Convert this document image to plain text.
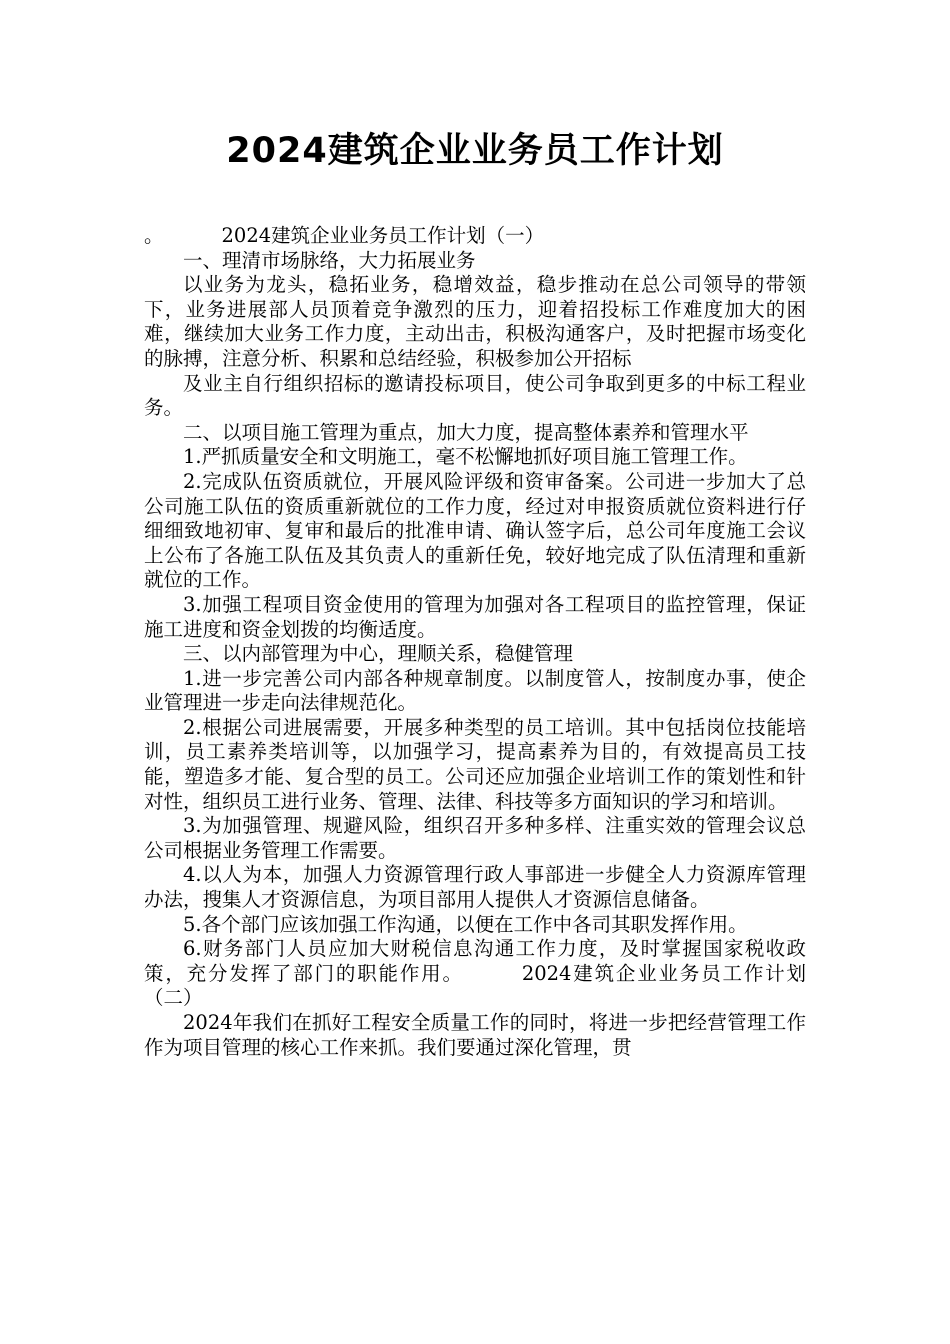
2024建筑企业业务员工作计划

。	2024建筑企业业务员工作计划（一）

一、理清市场脉络，大力拓展业务

以业务为龙头，稳拓业务，稳增效益，稳步推动在总公司领导的带领下，业务进展部人员顶着竞争激烈的压力，迎着招投标工作难度加大的困难，继续加大业务工作力度，主动出击，积极沟通客户，及时把握市场变化的脉搏，注意分析、积累和总结经验，积极参加公开招标

及业主自行组织招标的邀请投标项目，使公司争取到更多的中标工程业务。

二、以项目施工管理为重点，加大力度，提高整体素养和管理水平

1.严抓质量安全和文明施工，毫不松懈地抓好项目施工管理工作。

2.完成队伍资质就位，开展风险评级和资审备案。公司进一步加大了总公司施工队伍的资质重新就位的工作力度，经过对申报资质就位资料进行仔细细致地初审、复审和最后的批准申请、确认签字后，总公司年度施工会议上公布了各施工队伍及其负责人的重新任免，较好地完成了队伍清理和重新就位的工作。

3.加强工程项目资金使用的管理为加强对各工程项目的监控管理，保证施工进度和资金划拨的均衡适度。

三、以内部管理为中心，理顺关系，稳健管理

1.进一步完善公司内部各种规章制度。以制度管人，按制度办事，使企业管理进一步走向法律规范化。

2.根据公司进展需要，开展多种类型的员工培训。其中包括岗位技能培训，员工素养类培训等，以加强学习，提高素养为目的，有效提高员工技能，塑造多才能、复合型的员工。公司还应加强企业培训工作的策划性和针对性，组织员工进行业务、管理、法律、科技等多方面知识的学习和培训。

3.为加强管理、规避风险，组织召开多种多样、注重实效的管理会议总公司根据业务管理工作需要。

4.以人为本，加强人力资源管理行政人事部进一步健全人力资源库管理办法，搜集人才资源信息，为项目部用人提供人才资源信息储备。

5.各个部门应该加强工作沟通，以便在工作中各司其职发挥作用。

6.财务部门人员应加大财税信息沟通工作力度，及时掌握国家税收政策，充分发挥了部门的职能作用。	2024建筑企业业务员工作计划（二）

2024年我们在抓好工程安全质量工作的同时，将进一步把经营管理工作作为项目管理的核心工作来抓。我们要通过深化管理，贯
